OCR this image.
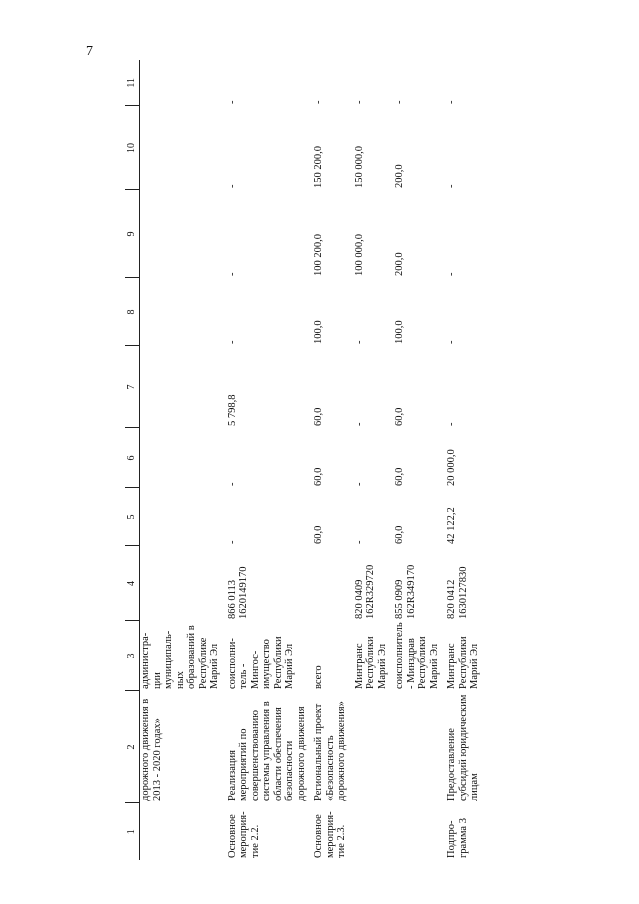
7
1	2	3	4	5	6	7	8	9	10	11
	дорожного движения в 2013 - 2020 годах»	администра-ции муниципаль-ных образований в Республике Марий Эл								

Основное мероприя-тие 2.2.	Реализация мероприятий по совершенствованию системы управления в области обеспечения безопасности дорожного движения	соисполни-тель - Мингос-имущество Республики Марий Эл	866 0113 1620149170	-	-	5 798,8	-	-	-	-

Основное мероприя-тие 2.3.	Региональный проект «Безопасность дорожного движения»	всего		60,0	60,0	60,0	100,0	100 200,0	150 200,0	-

		Минтранс Республики Марий Эл	820 0409 162R329720	-	-	-	-	100 000,0	150 000,0	-

		соисполнитель - Минздрав Республики Марий Эл	855 0909 162R349170	60,0	60,0	60,0	100,0	200,0	200,0	-

Подпро-грамма 3	Предоставление субсидий юридическим лицам	Минтранс Республики Марий Эл	820 0412 1630127830	42 122,2	20 000,0	-	-	-	-	-
